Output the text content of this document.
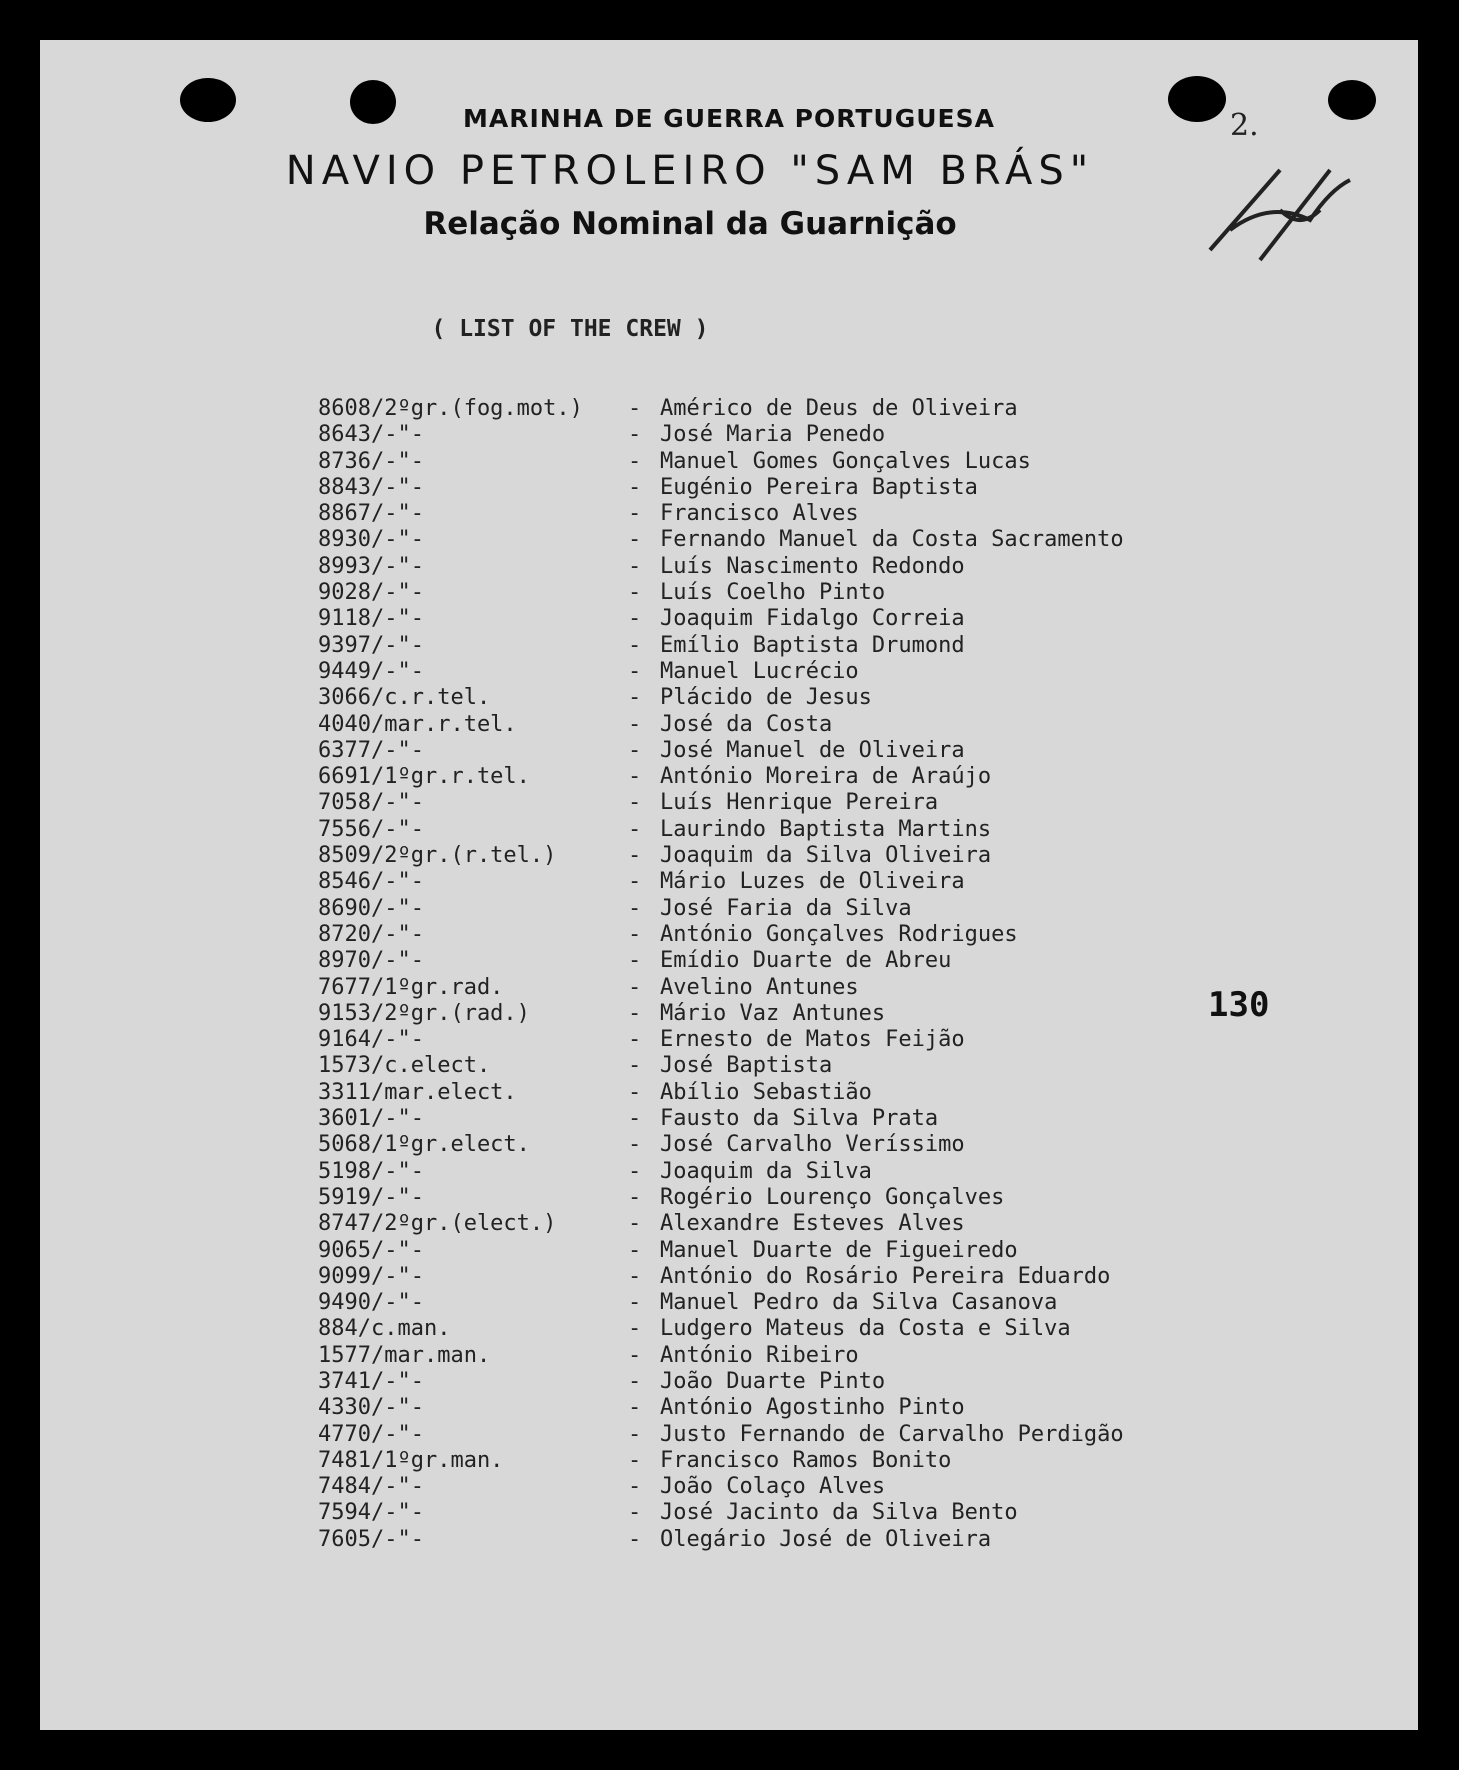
MARINHA DE GUERRA PORTUGUESA
NAVIO PETROLEIRO "SAM BRÁS"
Relação Nominal da Guarnição
( LIST OF THE CREW )
2.
8608/2ºgr.(fog.mot.)	- Américo de Deus de Oliveira
8643/-"-	- José Maria Penedo
8736/-"-	- Manuel Gomes Gonçalves Lucas
8843/-"-	- Eugénio Pereira Baptista
8867/-"-	- Francisco Alves
8930/-"-	- Fernando Manuel da Costa Sacramento
8993/-"-	- Luís Nascimento Redondo
9028/-"-	- Luís Coelho Pinto
9118/-"-	- Joaquim Fidalgo Correia
9397/-"-	- Emílio Baptista Drumond
9449/-"-	- Manuel Lucrécio
3066/c.r.tel.	- Plácido de Jesus
4040/mar.r.tel.	- José da Costa
6377/-"-	- José Manuel de Oliveira
6691/1ºgr.r.tel.	- António Moreira de Araújo
7058/-"-	- Luís Henrique Pereira
7556/-"-	- Laurindo Baptista Martins
8509/2ºgr.(r.tel.)	- Joaquim da Silva Oliveira
8546/-"-	- Mário Luzes de Oliveira
8690/-"-	- José Faria da Silva
8720/-"-	- António Gonçalves Rodrigues
8970/-"-	- Emídio Duarte de Abreu
7677/1ºgr.rad.	- Avelino Antunes
9153/2ºgr.(rad.)	- Mário Vaz Antunes
9164/-"-	- Ernesto de Matos Feijão
1573/c.elect.	- José Baptista
3311/mar.elect.	- Abílio Sebastião
3601/-"-	- Fausto da Silva Prata
5068/1ºgr.elect.	- José Carvalho Veríssimo
5198/-"-	- Joaquim da Silva
5919/-"-	- Rogério Lourenço Gonçalves
8747/2ºgr.(elect.)	- Alexandre Esteves Alves
9065/-"-	- Manuel Duarte de Figueiredo
9099/-"-	- António do Rosário Pereira Eduardo
9490/-"-	- Manuel Pedro da Silva Casanova
884/c.man.	- Ludgero Mateus da Costa e Silva
1577/mar.man.	- António Ribeiro
3741/-"-	- João Duarte Pinto
4330/-"-	- António Agostinho Pinto
4770/-"-	- Justo Fernando de Carvalho Perdigão
7481/1ºgr.man.	- Francisco Ramos Bonito
7484/-"-	- João Colaço Alves
7594/-"-	- José Jacinto da Silva Bento
7605/-"-	- Olegário José de Oliveira
130
